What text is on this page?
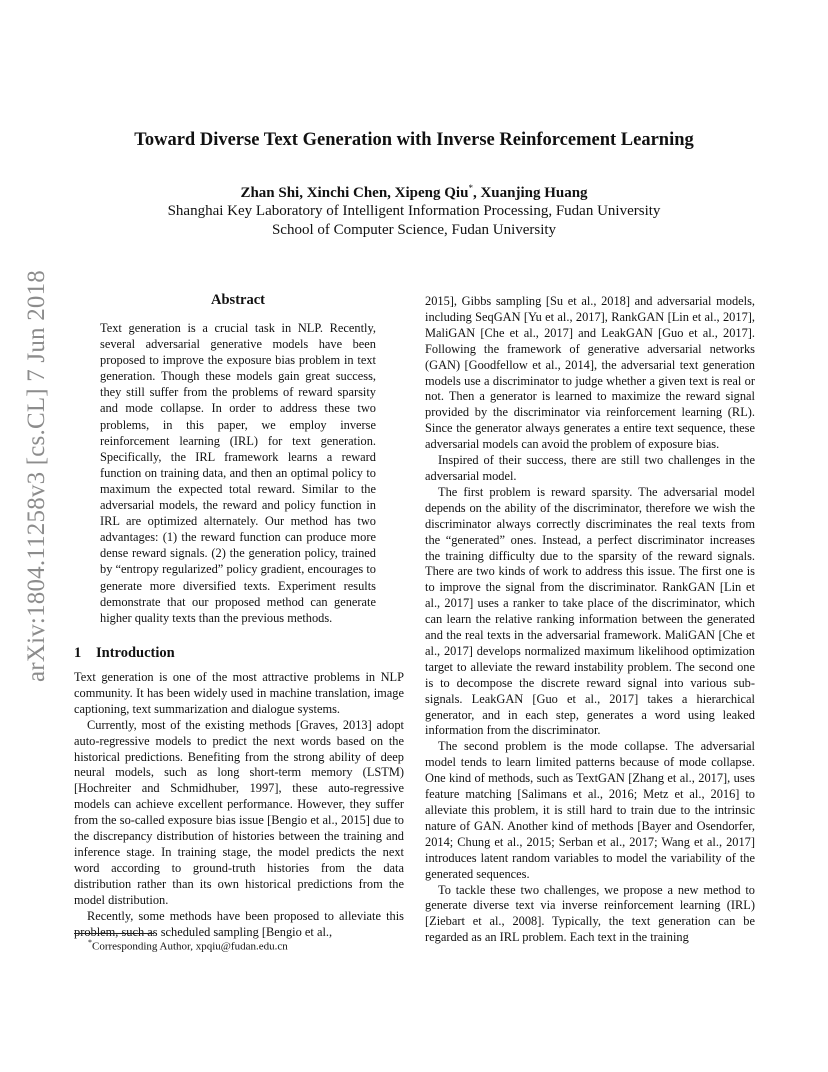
arXiv:1804.11258v3 [cs.CL] 7 Jun 2018
Toward Diverse Text Generation with Inverse Reinforcement Learning
Zhan Shi, Xinchi Chen, Xipeng Qiu*, Xuanjing Huang
Shanghai Key Laboratory of Intelligent Information Processing, Fudan University
School of Computer Science, Fudan University
Abstract

Text generation is a crucial task in NLP. Recently, several adversarial generative models have been proposed to improve the exposure bias problem in text generation. Though these models gain great success, they still suffer from the problems of reward sparsity and mode collapse. In order to address these two problems, in this paper, we employ inverse reinforcement learning (IRL) for text generation. Specifically, the IRL framework learns a reward function on training data, and then an optimal policy to maximum the expected total reward. Similar to the adversarial models, the reward and policy function in IRL are optimized alternately. Our method has two advantages: (1) the reward function can produce more dense reward signals. (2) the generation policy, trained by “entropy regularized” policy gradient, encourages to generate more diversified texts. Experiment results demonstrate that our proposed method can generate higher quality texts than the previous methods.

1 Introduction

Text generation is one of the most attractive problems in NLP community. It has been widely used in machine translation, image captioning, text summarization and dialogue systems.

Currently, most of the existing methods [Graves, 2013] adopt auto-regressive models to predict the next words based on the historical predictions. Benefiting from the strong ability of deep neural models, such as long short-term memory (LSTM) [Hochreiter and Schmidhuber, 1997], these auto-regressive models can achieve excellent performance. However, they suffer from the so-called exposure bias issue [Bengio et al., 2015] due to the discrepancy distribution of histories between the training and inference stage. In training stage, the model predicts the next word according to ground-truth histories from the data distribution rather than its own historical predictions from the model distribution.

Recently, some methods have been proposed to alleviate this problem, such as scheduled sampling [Bengio et al.,

2015], Gibbs sampling [Su et al., 2018] and adversarial models, including SeqGAN [Yu et al., 2017], RankGAN [Lin et al., 2017], MaliGAN [Che et al., 2017] and LeakGAN [Guo et al., 2017]. Following the framework of generative adversarial networks (GAN) [Goodfellow et al., 2014], the adversarial text generation models use a discriminator to judge whether a given text is real or not. Then a generator is learned to maximize the reward signal provided by the discriminator via reinforcement learning (RL). Since the generator always generates a entire text sequence, these adversarial models can avoid the problem of exposure bias.

Inspired of their success, there are still two challenges in the adversarial model.

The first problem is reward sparsity. The adversarial model depends on the ability of the discriminator, therefore we wish the discriminator always correctly discriminates the real texts from the “generated” ones. Instead, a perfect discriminator increases the training difficulty due to the sparsity of the reward signals. There are two kinds of work to address this issue. The first one is to improve the signal from the discriminator. RankGAN [Lin et al., 2017] uses a ranker to take place of the discriminator, which can learn the relative ranking information between the generated and the real texts in the adversarial framework. MaliGAN [Che et al., 2017] develops normalized maximum likelihood optimization target to alleviate the reward instability problem. The second one is to decompose the discrete reward signal into various sub-signals. LeakGAN [Guo et al., 2017] takes a hierarchical generator, and in each step, generates a word using leaked information from the discriminator.

The second problem is the mode collapse. The adversarial model tends to learn limited patterns because of mode collapse. One kind of methods, such as TextGAN [Zhang et al., 2017], uses feature matching [Salimans et al., 2016; Metz et al., 2016] to alleviate this problem, it is still hard to train due to the intrinsic nature of GAN. Another kind of methods [Bayer and Osendorfer, 2014; Chung et al., 2015; Serban et al., 2017; Wang et al., 2017] introduces latent random variables to model the variability of the generated sequences.

To tackle these two challenges, we propose a new method to generate diverse text via inverse reinforcement learning (IRL) [Ziebart et al., 2008]. Typically, the text generation can be regarded as an IRL problem. Each text in the training

*Corresponding Author, xpqiu@fudan.edu.cn
